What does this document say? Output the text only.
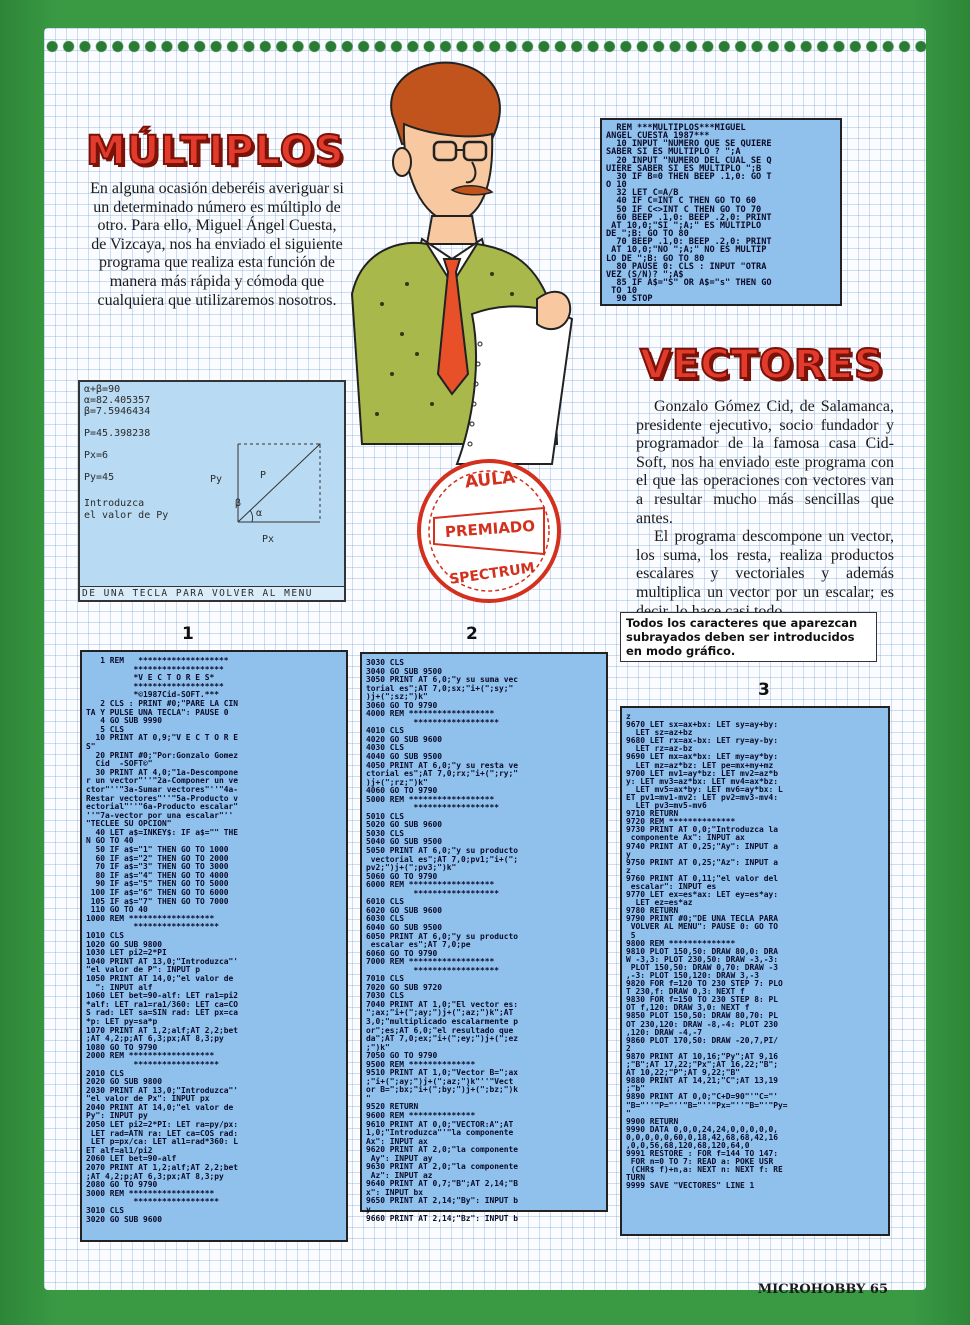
MÚLTIPLOS

En alguna ocasión deberéis averiguar si un determinado número es múltiplo de otro. Para ello, Miguel Ángel Cuesta, de Vizcaya, nos ha enviado el siguiente programa que realiza esta función de manera más rápida y cómoda que cualquiera que utilizaremos nosotros.

REM ***MULTIPLOS***MIGUEL
ANGEL CUESTA 1987***
10 INPUT "NUMERO QUE SE QUIERE
SABER SI ES MULTIPLO ? ";A
20 INPUT "NUMERO DEL CUAL SE Q
UIERE SABER SI ES MULTIPLO ";B
30 IF B=0 THEN BEEP .1,0: GO T
O 10
32 LET C=A/B
40 IF C=INT C THEN GO TO 60
50 IF C<>INT C THEN GO TO 70
60 BEEP .1,0: BEEP .2,0: PRINT
AT 10,0;"SI ";A;" ES MULTIPLO
DE ";B: GO TO 80
70 BEEP .1,0: BEEP .2,0: PRINT
AT 10,0;"NO ";A;" NO ES MULTIP
LO DE ";B: GO TO 80
80 PAUSE 0: CLS : INPUT "OTRA
VEZ (S/N)? ";A$
85 IF A$="S" OR A$="s" THEN GO
TO 10
90 STOP
VECTORES

Gonzalo Gómez Cid, de Salamanca, presidente ejecutivo, socio fundador y programador de la famosa casa Cid-Soft, nos ha enviado este programa con el que las operaciones con vectores van a resultar mucho más sencillas que antes.

El programa descompone un vector, los suma, los resta, realiza productos escalares y vectoriales y además multiplica un vector por un escalar; es

α+β=90
α=82.405357
β=7.5946434
P=45.398238
Px=6
Py=45
Introduzca
el valor de Py
Py	P
β
α
Px
DE UNA TECLA PARA VOLVER AL MENU
AULA
PREMIADO
SPECTRUM
Todos los caracteres que aparezcan subrayados deben ser introducidos en modo gráfico.
1	2
3
1 REM   *******************
*******************
*V E C T O R E S*
*******************
*©1987Cid-SOFT.***
2 CLS : PRINT #0;"PARE LA CIN
TA Y PULSE UNA TECLA": PAUSE 0
4 GO SUB 9990
5 CLS
10 PRINT AT 0,9;"V E C T O R E
S"
20 PRINT #0;"Por:Gonzalo Gomez
Cid  -SOFT©"
30 PRINT AT 4,0;"1a-Descompone
r un vector"''"2a-Componer un ve
ctor"''"3a-Sumar vectores"''"4a-
Restar vectores"''"5a-Producto v
ectorial"''"6a-Producto escalar"
''"7a-vector por una escalar"''
"TECLEE SU OPCION"
40 LET a$=INKEY$: IF a$="" THE
N GO TO 40
50 IF a$="1" THEN GO TO 1000
60 IF a$="2" THEN GO TO 2000
70 IF a$="3" THEN GO TO 3000
80 IF a$="4" THEN GO TO 4000
90 IF a$="5" THEN GO TO 5000
100 IF a$="6" THEN GO TO 6000
105 IF a$="7" THEN GO TO 7000
110 GO TO 40
1000 REM ******************
******************
1010 CLS
1020 GO SUB 9800
1030 LET pi2=2*PI
1040 PRINT AT 13,0;"Introduzca"'
"el valor de P": INPUT p
1050 PRINT AT 14,0;"el valor de
": INPUT alf
1060 LET bet=90-alf: LET ra1=pi2
*alf: LET ra1=ra1/360: LET ca=CO
S rad: LET sa=SIN rad: LET px=ca
*p: LET py=sa*p
1070 PRINT AT 1,2;alf;AT 2,2;bet
;AT 4,2;p;AT 6,3;px;AT 8,3;py
1080 GO TO 9790
2000 REM ******************
******************
2010 CLS
2020 GO SUB 9800
2030 PRINT AT 13,0;"Introduzca"'
"el valor de Px": INPUT px
2040 PRINT AT 14,0;"el valor de
Py": INPUT py
2050 LET pi2=2*PI: LET ra=py/px:
LET rad=ATN ra: LET ca=COS rad:
LET p=px/ca: LET al1=rad*360: L
ET alf=al1/pi2
2060 LET bet=90-alf
2070 PRINT AT 1,2;alf;AT 2,2;bet
;AT 4,2;p;AT 6,3;px;AT 8,3;py
2080 GO TO 9790
3000 REM ******************
******************
3010 CLS
3020 GO SUB 9600
3030 CLS
3040 GO SUB 9500
3050 PRINT AT 6,0;"y su suma vec
torial es";AT 7,0;sx;"i+(";sy;"
)j+(";sz;")k"
3060 GO TO 9790
4000 REM ******************
******************
4010 CLS
4020 GO SUB 9600
4030 CLS
4040 GO SUB 9500
4050 PRINT AT 6,0;"y su resta ve
ctorial es";AT 7,0;rx;"i+(";ry;"
)j+(";rz;")k"
4060 GO TO 9790
5000 REM ******************
******************
5010 CLS
5020 GO SUB 9600
5030 CLS
5040 GO SUB 9500
5050 PRINT AT 6,0;"y su producto
vectorial es";AT 7,0;pv1;"i+(";
pv2;")j+(";pv3;")k"
5060 GO TO 9790
6000 REM ******************
******************
6010 CLS
6020 GO SUB 9600
6030 CLS
6040 GO SUB 9500
6050 PRINT AT 6,0;"y su producto
escalar es";AT 7,0;pe
6060 GO TO 9790
7000 REM ******************
******************
7010 CLS
7020 GO SUB 9720
7030 CLS
7040 PRINT AT 1,0;"El vector es:
";ax;"i+(";ay;")j+(";az;")k";AT
3,0;"multiplicado escalarmente p
or";es;AT 6,0;"el resultado que
da";AT 7,0;ex;"i+(";ey;")j+(";ez
;")k"
7050 GO TO 9790
9500 REM **************
9510 PRINT AT 1,0;"Vector B=";ax
;"i+(";ay;")j+(";az;")k"''"Vect
or B=";bx;"i+(";by;")j+(";bz;")k
"
9520 RETURN
9600 REM **************
9610 PRINT AT 0,0;"VECTOR:A";AT
1,0;"Introduzca"'"la componente
Ax": INPUT ax
9620 PRINT AT 2,0;"la componente
Ay": INPUT ay
9630 PRINT AT 2,0;"la componente
Az": INPUT az
9640 PRINT AT 0,7;"B";AT 2,14;"B
x": INPUT bx
9650 PRINT AT 2,14;"By": INPUT b
y
9660 PRINT AT 2,14;"Bz": INPUT b
z
9670 LET sx=ax+bx: LET sy=ay+by:
LET sz=az+bz
9680 LET rx=ax-bx: LET ry=ay-by:
LET rz=az-bz
9690 LET mx=ax*bx: LET my=ay*by:
LET mz=az*bz: LET pe=mx+my+mz
9700 LET mv1=ay*bz: LET mv2=az*b
y: LET mv3=az*bx: LET mv4=ax*bz:
LET mv5=ax*by: LET mv6=ay*bx: L
ET pv1=mv1-mv2: LET pv2=mv3-mv4:
LET pv3=mv5-mv6
9710 RETURN
9720 REM **************
9730 PRINT AT 0,0;"Introduzca la
componente Ax": INPUT ax
9740 PRINT AT 0,25;"Ay": INPUT a
y
9750 PRINT AT 0,25;"Az": INPUT a
z
9760 PRINT AT 0,11;"el valor del
escalar": INPUT es
9770 LET ex=es*ax: LET ey=es*ay:
LET ez=es*az
9780 RETURN
9790 PRINT #0;"DE UNA TECLA PARA
VOLVER AL MENU": PAUSE 0: GO TO
5
9800 REM **************
9810 PLOT 150,50: DRAW 80,0: DRA
W -3,3: PLOT 230,50: DRAW -3,-3:
PLOT 150,50: DRAW 0,70: DRAW -3
,-3: PLOT 150,120: DRAW 3,-3
9820 FOR f=120 TO 230 STEP 7: PLO
T 230,f: DRAW 0,3: NEXT f
9830 FOR f=150 TO 230 STEP 8: PL
OT f,120: DRAW 3,0: NEXT f
9850 PLOT 150,50: DRAW 80,70: PL
OT 230,120: DRAW -8,-4: PLOT 230
,120: DRAW -4,-7
9860 PLOT 170,50: DRAW -20,7,PI/
2
9870 PRINT AT 10,16;"Py";AT 9,16
;"B";AT 17,22;"Px";AT 16,22;"B";
AT 10,22;"P";AT 9,22;"B"
9880 PRINT AT 14,21;"C";AT 13,19
;"b"
9890 PRINT AT 0,0;"C+D=90"'"C="'
"B="''"P="''"B="''"Px="''"B="'"Py=
"
9900 RETURN
9990 DATA 0,0,0,24,24,0,0,0,0,0,
0,0,0,0,0,60,0,18,42,68,68,42,16
,0,0,56,68,120,68,120,64,0
9991 RESTORE : FOR f=144 TO 147:
FOR n=0 TO 7: READ a: POKE USR
(CHR$ f)+n,a: NEXT n: NEXT f: RE
TURN
9999 SAVE "VECTORES" LINE 1
MICROHOBBY 65
